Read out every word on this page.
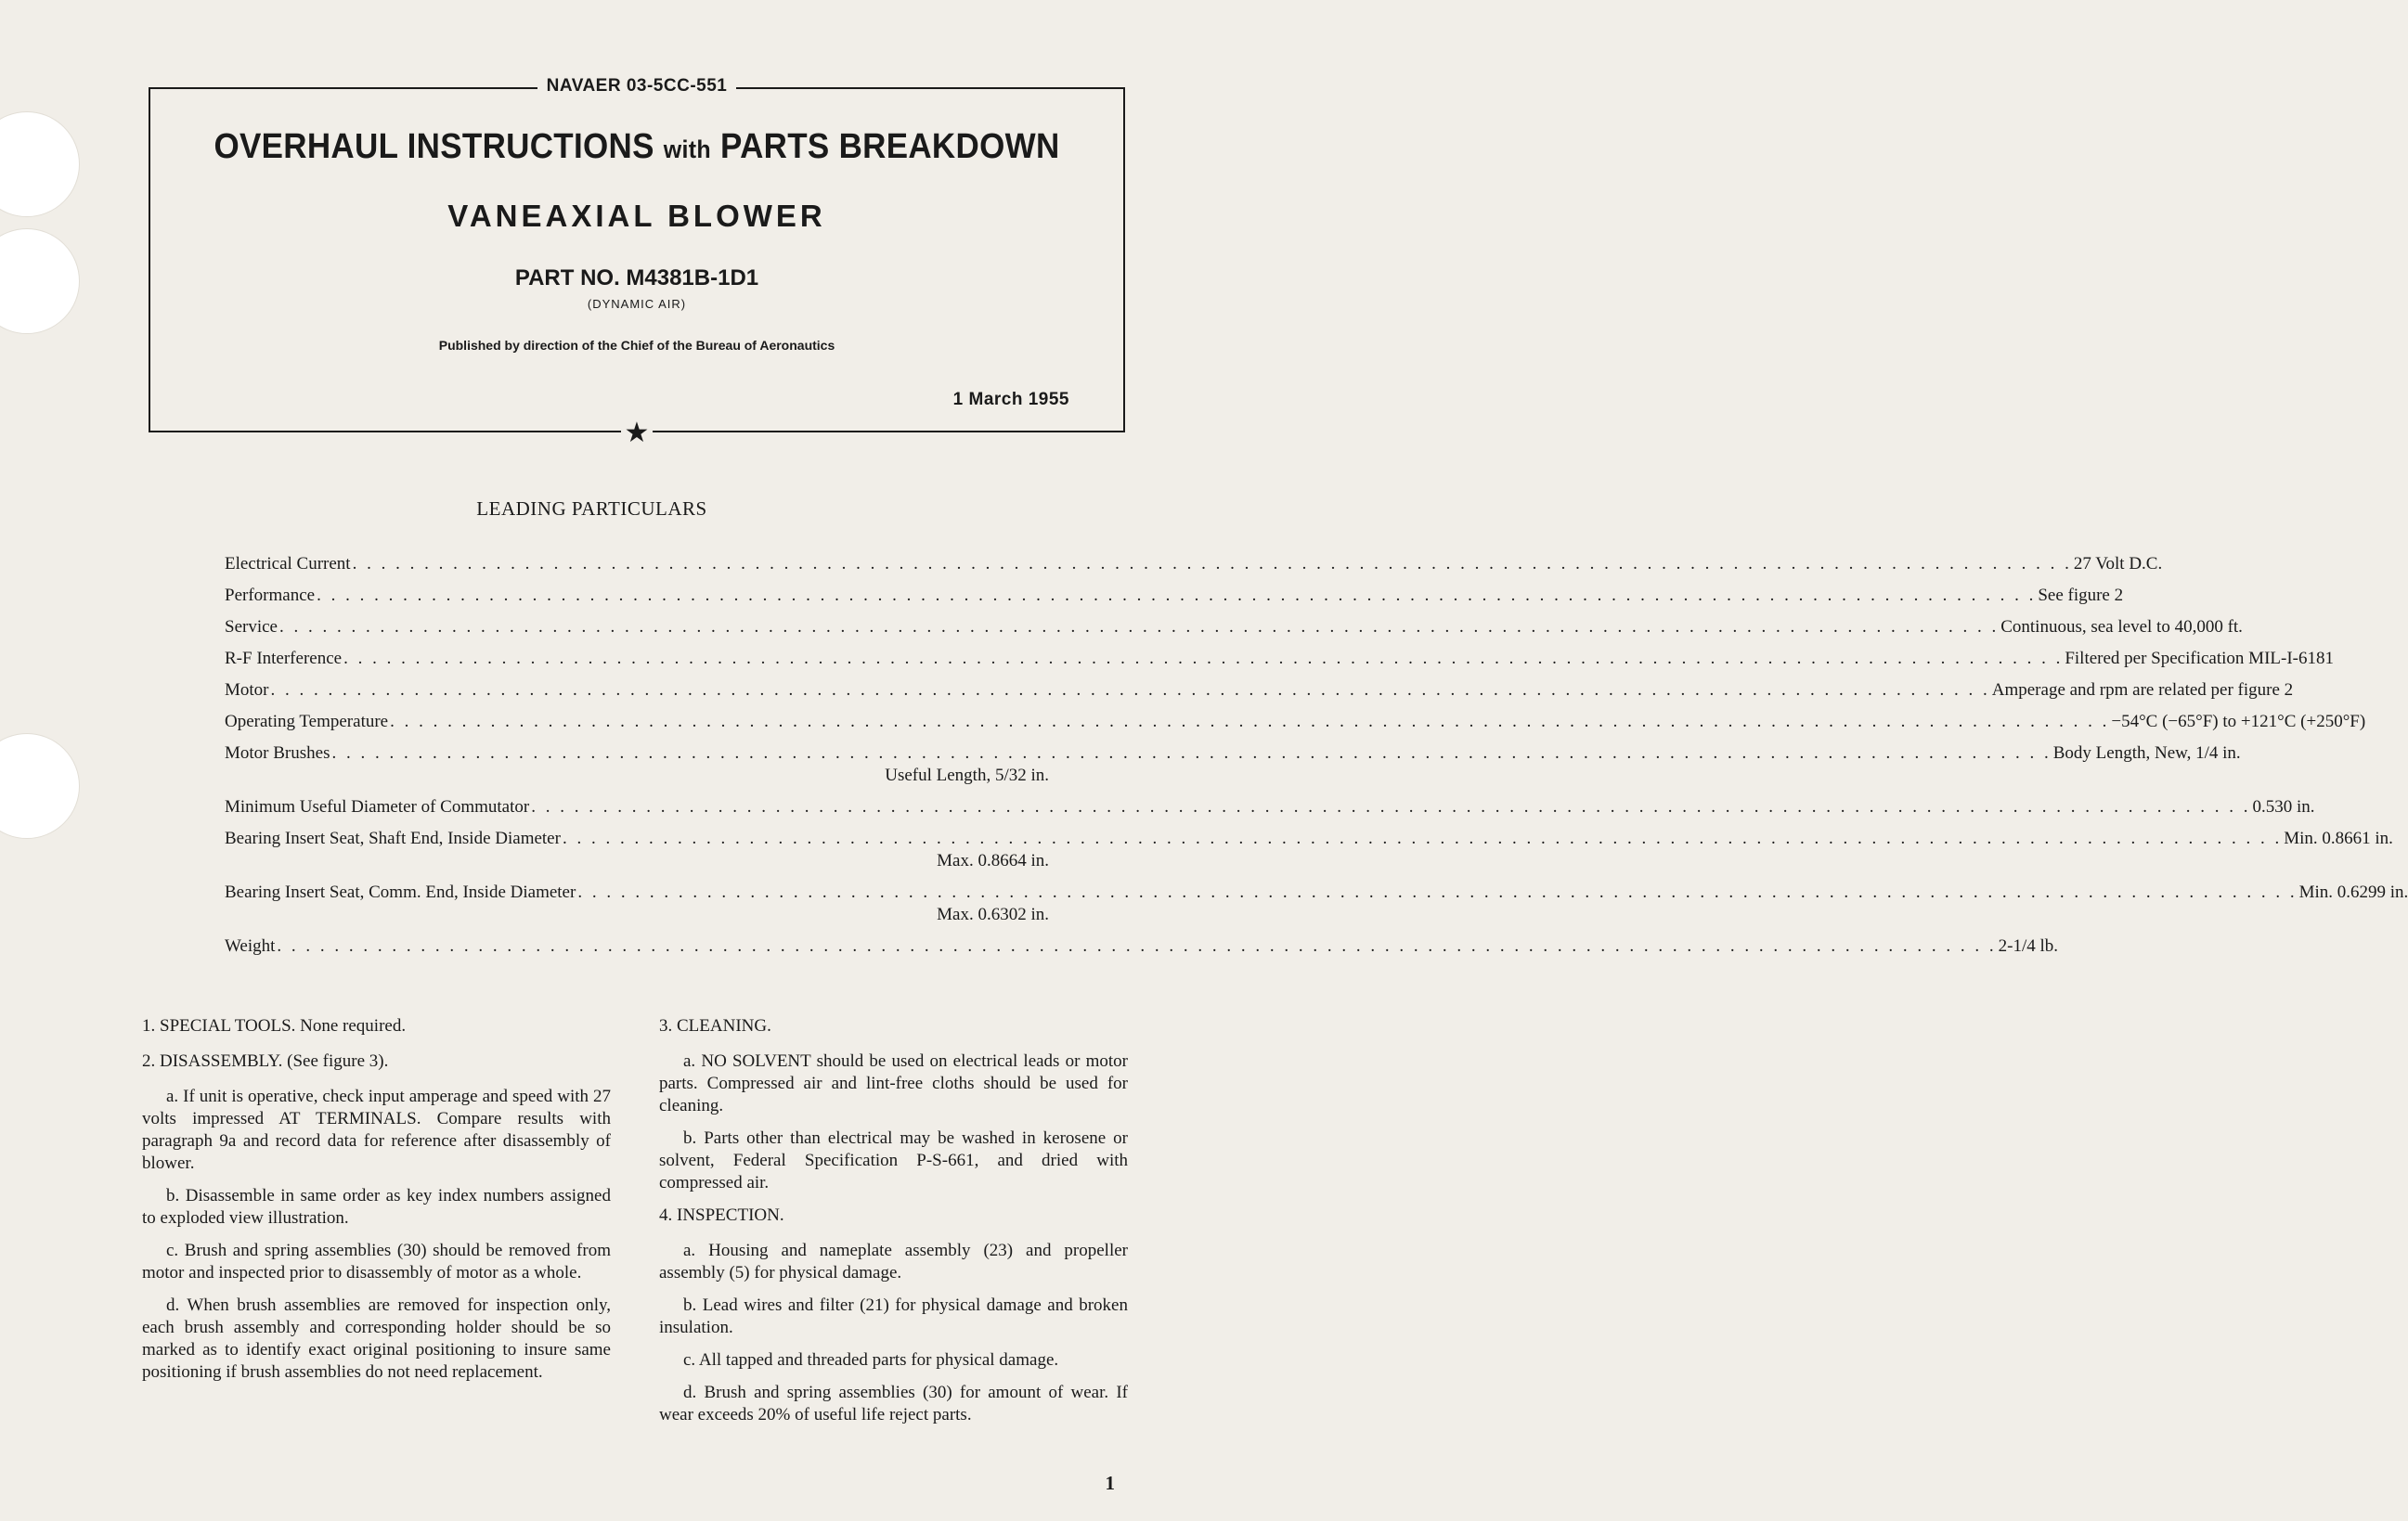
NAVAER 03-5CC-551
OVERHAUL INSTRUCTIONS with PARTS BREAKDOWN
VANEAXIAL BLOWER
PART NO. M4381B-1D1
(DYNAMIC AIR)
Published by direction of the Chief of the Bureau of Aeronautics
1 March 1955
★
LEADING PARTICULARS
Electrical Current . . . . . . . . . . . . . . . . . . . . . . . . . . . . . . . . . . . . . . . . . . . . . . . . . . . . . . . . . . . . . . . . . . . . . . . . . . . . . . . . . . . . . . . . . . . . . . . . . . . . . . . . . . . . . . . . . . . . . . . . 27 Volt D.C.
Performance . . . . . . . . . . . . . . . . . . . . . . . . . . . . . . . . . . . . . . . . . . . . . . . . . . . . . . . . . . . . . . . . . . . . . . . . . . . . . . . . . . . . . . . . . . . . . . . . . . . . . . . . . . . . . . . . . . . . . . . . See figure 2
Service . . . . . . . . . . . . . . . . . . . . . . . . . . . . . . . . . . . . . . . . . . . . . . . . . . . . . . . . . . . . . . . . . . . . . . . . . . . . . . . . . . . . . . . . . . . . . . . . . . . . . . . . . . . . . . . . . . . . . . . . Continuous, sea level to 40,000 ft.
R-F Interference . . . . . . . . . . . . . . . . . . . . . . . . . . . . . . . . . . . . . . . . . . . . . . . . . . . . . . . . . . . . . . . . . . . . . . . . . . . . . . . . . . . . . . . . . . . . . . . . . . . . . . . . . . . . . . . . . . . . . . . . Filtered per Specification MIL-I-6181
Motor . . . . . . . . . . . . . . . . . . . . . . . . . . . . . . . . . . . . . . . . . . . . . . . . . . . . . . . . . . . . . . . . . . . . . . . . . . . . . . . . . . . . . . . . . . . . . . . . . . . . . . . . . . . . . . . . . . . . . . . . Amperage and rpm are related per figure 2
Operating Temperature . . . . . . . . . . . . . . . . . . . . . . . . . . . . . . . . . . . . . . . . . . . . . . . . . . . . . . . . . . . . . . . . . . . . . . . . . . . . . . . . . . . . . . . . . . . . . . . . . . . . . . . . . . . . . . . . . . . . . . . . −54°C (−65°F) to +121°C (+250°F)
Motor Brushes . . . . . . . . . . . . . . . . . . . . . . . . . . . . . . . . . . . . . . . . . . . . . . . . . . . . . . . . . . . . . . . . . . . . . . . . . . . . . . . . . . . . . . . . . . . . . . . . . . . . . . . . . . . . . . . . . . . . . . . . Body Length, New, 1/4 in.
Useful Length, 5/32 in.
Minimum Useful Diameter of Commutator . . . . . . . . . . . . . . . . . . . . . . . . . . . . . . . . . . . . . . . . . . . . . . . . . . . . . . . . . . . . . . . . . . . . . . . . . . . . . . . . . . . . . . . . . . . . . . . . . . . . . . . . . . . . . . . . . . . . . . . . 0.530 in.
Bearing Insert Seat, Shaft End, Inside Diameter . . . . . . . . . . . . . . . . . . . . . . . . . . . . . . . . . . . . . . . . . . . . . . . . . . . . . . . . . . . . . . . . . . . . . . . . . . . . . . . . . . . . . . . . . . . . . . . . . . . . . . . . . . . . . . . . . . . . . . . . Min. 0.8661 in.
Max. 0.8664 in.
Bearing Insert Seat, Comm. End, Inside Diameter . . . . . . . . . . . . . . . . . . . . . . . . . . . . . . . . . . . . . . . . . . . . . . . . . . . . . . . . . . . . . . . . . . . . . . . . . . . . . . . . . . . . . . . . . . . . . . . . . . . . . . . . . . . . . . . . . . . . . . . . Min. 0.6299 in.
Max. 0.6302 in.
Weight . . . . . . . . . . . . . . . . . . . . . . . . . . . . . . . . . . . . . . . . . . . . . . . . . . . . . . . . . . . . . . . . . . . . . . . . . . . . . . . . . . . . . . . . . . . . . . . . . . . . . . . . . . . . . . . . . . . . . . . . 2-1/4 lb.

1. SPECIAL TOOLS. None required.

2. DISASSEMBLY. (See figure 3).

a. If unit is operative, check input amperage and speed with 27 volts impressed AT TERMINALS. Compare results with paragraph 9a and record data for reference after disassembly of blower.

b. Disassemble in same order as key index numbers assigned to exploded view illustration.

c. Brush and spring assemblies (30) should be removed from motor and inspected prior to disassembly of motor as a whole.

d. When brush assemblies are removed for inspection only, each brush assembly and corresponding holder should be so marked as to identify exact original positioning to insure same positioning if brush assemblies do not need replacement.

3. CLEANING.

a. NO SOLVENT should be used on electrical leads or motor parts. Compressed air and lint-free cloths should be used for cleaning.

b. Parts other than electrical may be washed in kerosene or solvent, Federal Specification P-S-661, and dried with compressed air.

4. INSPECTION.

a. Housing and nameplate assembly (23) and propeller assembly (5) for physical damage.

b. Lead wires and filter (21) for physical damage and broken insulation.

c. All tapped and threaded parts for physical damage.

d. Brush and spring assemblies (30) for amount of wear. If wear exceeds 20% of useful life reject parts.

1
